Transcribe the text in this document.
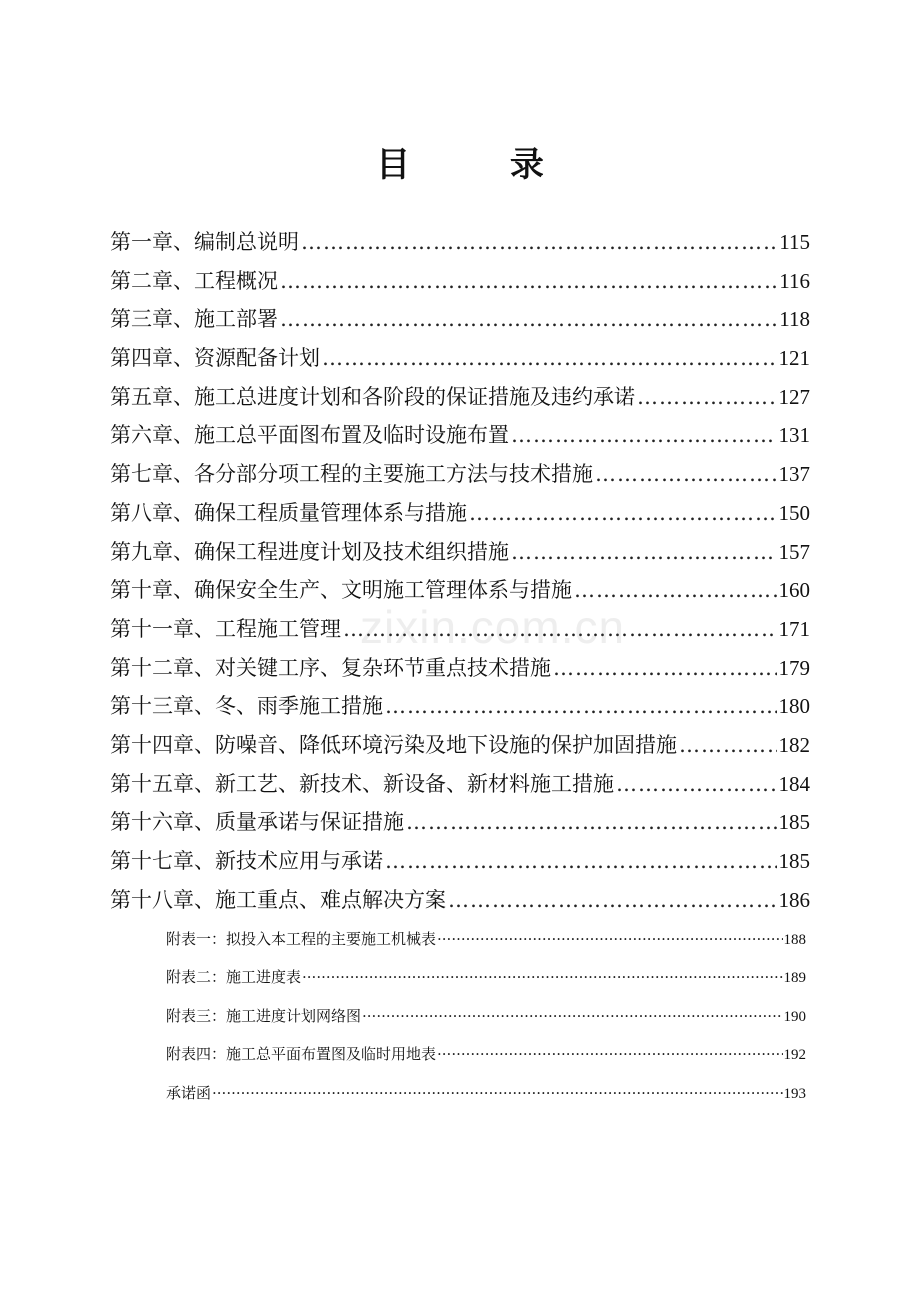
目 录
第一章、编制总说明 …………………………………………………………………………………………………………………………………………………………………………………………………	115
第二章、工程概况 …………………………………………………………………………………………………………………………………………………………………………………………………	116
第三章、施工部署 …………………………………………………………………………………………………………………………………………………………………………………………………	118
第四章、资源配备计划 …………………………………………………………………………………………………………………………………………………………………………………………………	121
第五章、施工总进度计划和各阶段的保证措施及违约承诺 …………………………………………………………………………………………………………………………………………………………………………………………………	127
第六章、施工总平面图布置及临时设施布置 …………………………………………………………………………………………………………………………………………………………………………………………………	131
第七章、各分部分项工程的主要施工方法与技术措施 …………………………………………………………………………………………………………………………………………………………………………………………………	137
第八章、确保工程质量管理体系与措施 …………………………………………………………………………………………………………………………………………………………………………………………………	150
第九章、确保工程进度计划及技术组织措施 …………………………………………………………………………………………………………………………………………………………………………………………………	157
第十章、确保安全生产、文明施工管理体系与措施 …………………………………………………………………………………………………………………………………………………………………………………………………	160
第十一章、工程施工管理 …………………………………………………………………………………………………………………………………………………………………………………………………	171
第十二章、对关键工序、复杂环节重点技术措施 …………………………………………………………………………………………………………………………………………………………………………………………………	179
第十三章、冬、雨季施工措施 …………………………………………………………………………………………………………………………………………………………………………………………………	180
第十四章、防噪音、降低环境污染及地下设施的保护加固措施 …………………………………………………………………………………………………………………………………………………………………………………………………	182
第十五章、新工艺、新技术、新设备、新材料施工措施 …………………………………………………………………………………………………………………………………………………………………………………………………	184
第十六章、质量承诺与保证措施 …………………………………………………………………………………………………………………………………………………………………………………………………	185
第十七章、新技术应用与承诺 …………………………………………………………………………………………………………………………………………………………………………………………………	185
第十八章、施工重点、难点解决方案 …………………………………………………………………………………………………………………………………………………………………………………………………	186
附表一：拟投入本工程的主要施工机械表 ·····	188
附表二：施工进度表 ·····	189
附表三：施工进度计划网络图 ·····	190
附表四：施工总平面布置图及临时用地表 ·····	192
承诺函 ·····	193
zixin.com.cn
